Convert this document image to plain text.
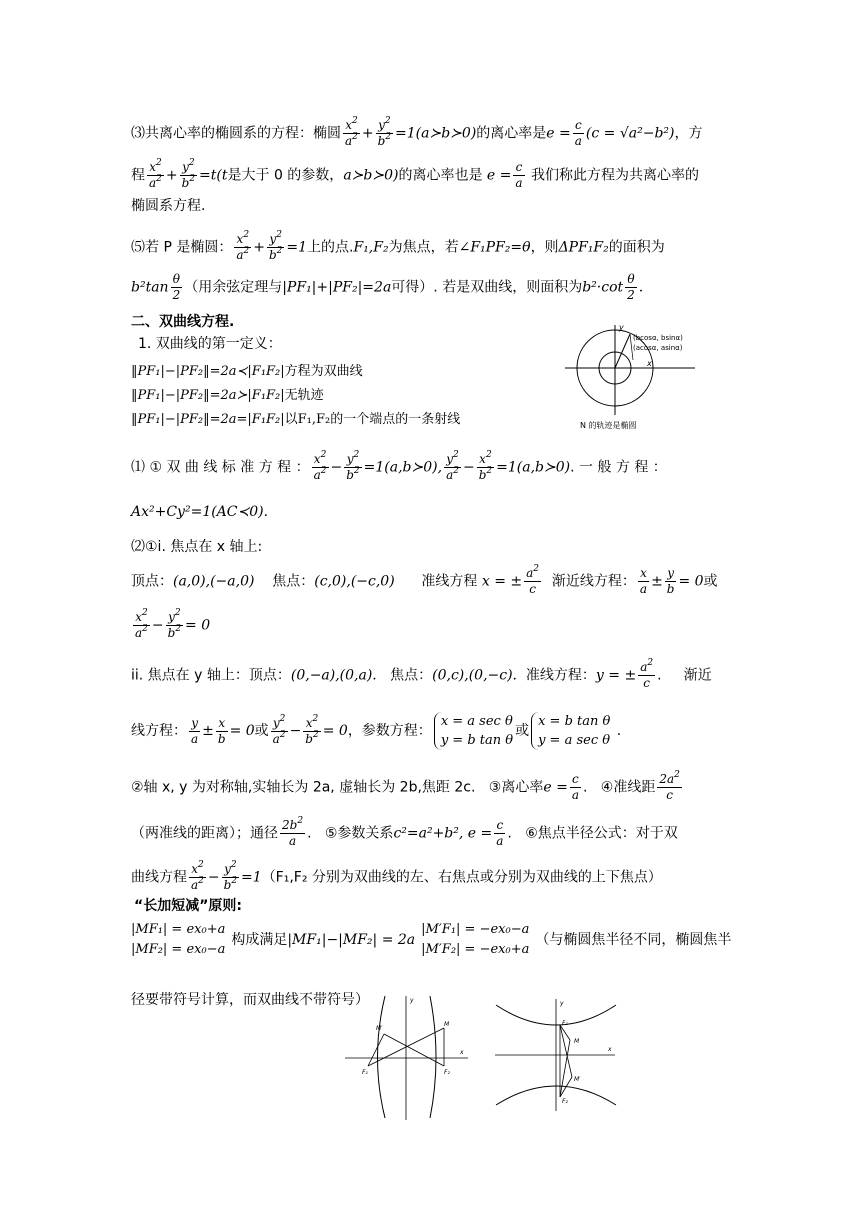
⑶共离心率的椭圆系的方程：椭圆 $\frac{x^2}{a^2} + \frac{y^2}{b^2}$ =1(a≻b≻0)的离心率是$e = \frac{c}{a} (c = √a^2-b^2)$，方
程 $\frac{x^2}{a^2} + \frac{y^2}{b^2} =t(t$是大于 0 的参数，a≻b≻0)的离心率也是 $e = \frac{c}{a}$ 我们称此方程为共离心率的
椭圆系方程.
⑸若 P 是椭圆： $\frac{x^2}{a^2} + \frac{y^2}{b^2} =1$上的点.F₁,F₂为焦点，若∠F₁PF₂=θ，则ΔPF₁F₂的面积为
$b^2\tan \frac{\theta}{2}$ （用余弦定理与|PF₁|+|PF₂|=2a可得）. 若是双曲线，则面积为$b^2\cdot\cot \frac{\theta}{2}$ .
二、双曲线方程.
1. 双曲线的第一定义：
‖PF₁|−|PF₂‖=2a≺|F₁F₂|方程为双曲线
‖PF₁|−|PF₂‖=2a≻|F₁F₂|无轨迹
‖PF₁|−|PF₂‖=2a=|F₁F₂|以F₁,F₂的一个端点的一条射线
(bcosα, bsinα)
(acosα, asinα)
x
y
N 的轨迹是椭圆
⑴ ① 双 曲 线 标 准 方 程 ： $\frac{x^2}{a^2} - \frac{y^2}{b^2}$ =1(a,b≻0), $\frac{y^2}{a^2} - \frac{x^2}{b^2}$ =1(a,b≻0). 一 般 方 程 ：
Ax²+Cy²=1(AC≺0).
⑵①i. 焦点在 x 轴上:
顶点：(a,0),(−a,0) 焦点：(c,0),(−c,0) 准线方程 x = ± $\frac{a^2}{c}$ 渐近线方程： $\frac{x}{a} \pm \frac{y}{b} = 0$或
$\frac{x^2}{a^2} - \frac{y^2}{b^2} = 0$
ii. 焦点在 y 轴上：顶点：(0,−a),(0,a). 焦点：(0,c),(0,−c). 准线方程：y = ± $\frac{a^2}{c}$ .     渐近
线方程： $\frac{y}{a} \pm \frac{x}{b} = 0$或 $\frac{y^2}{a^2} - \frac{x^2}{b^2} = 0$，参数方程：
x = a sec θ
y = b tan θ
或
x = b tan θ
y = a sec θ
.
②轴 x, y 为对称轴,实轴长为 2a, 虚轴长为 2b,焦距 2c. ③离心率$e = \frac{c}{a}$ .   ④准线距 $\frac{2a^2}{c}$
（两准线的距离）；通径 $\frac{2b^2}{a}$ .   ⑤参数关系c²=a²+b², $e = \frac{c}{a}$ .   ⑥焦点半径公式：对于双
曲线方程 $\frac{x^2}{a^2} - \frac{y^2}{b^2} =1(F_1,F_2$ 分别为双曲线的左、右焦点或分别为双曲线的上下焦点）
“长加短减”原则:
|MF₁| = ex₀+a
|MF₂| = ex₀−a
构成满足|MF₁|−|MF₂| = 2a
|M′F₁| = −ex₀−a
|M′F₂| = −ex₀+a
（与椭圆焦半径不同，椭圆焦半
径要带符号计算，而双曲线不带符号）
M′
M
F₁	F₂
x
y
M
M′
F₁
F₂
x
y
